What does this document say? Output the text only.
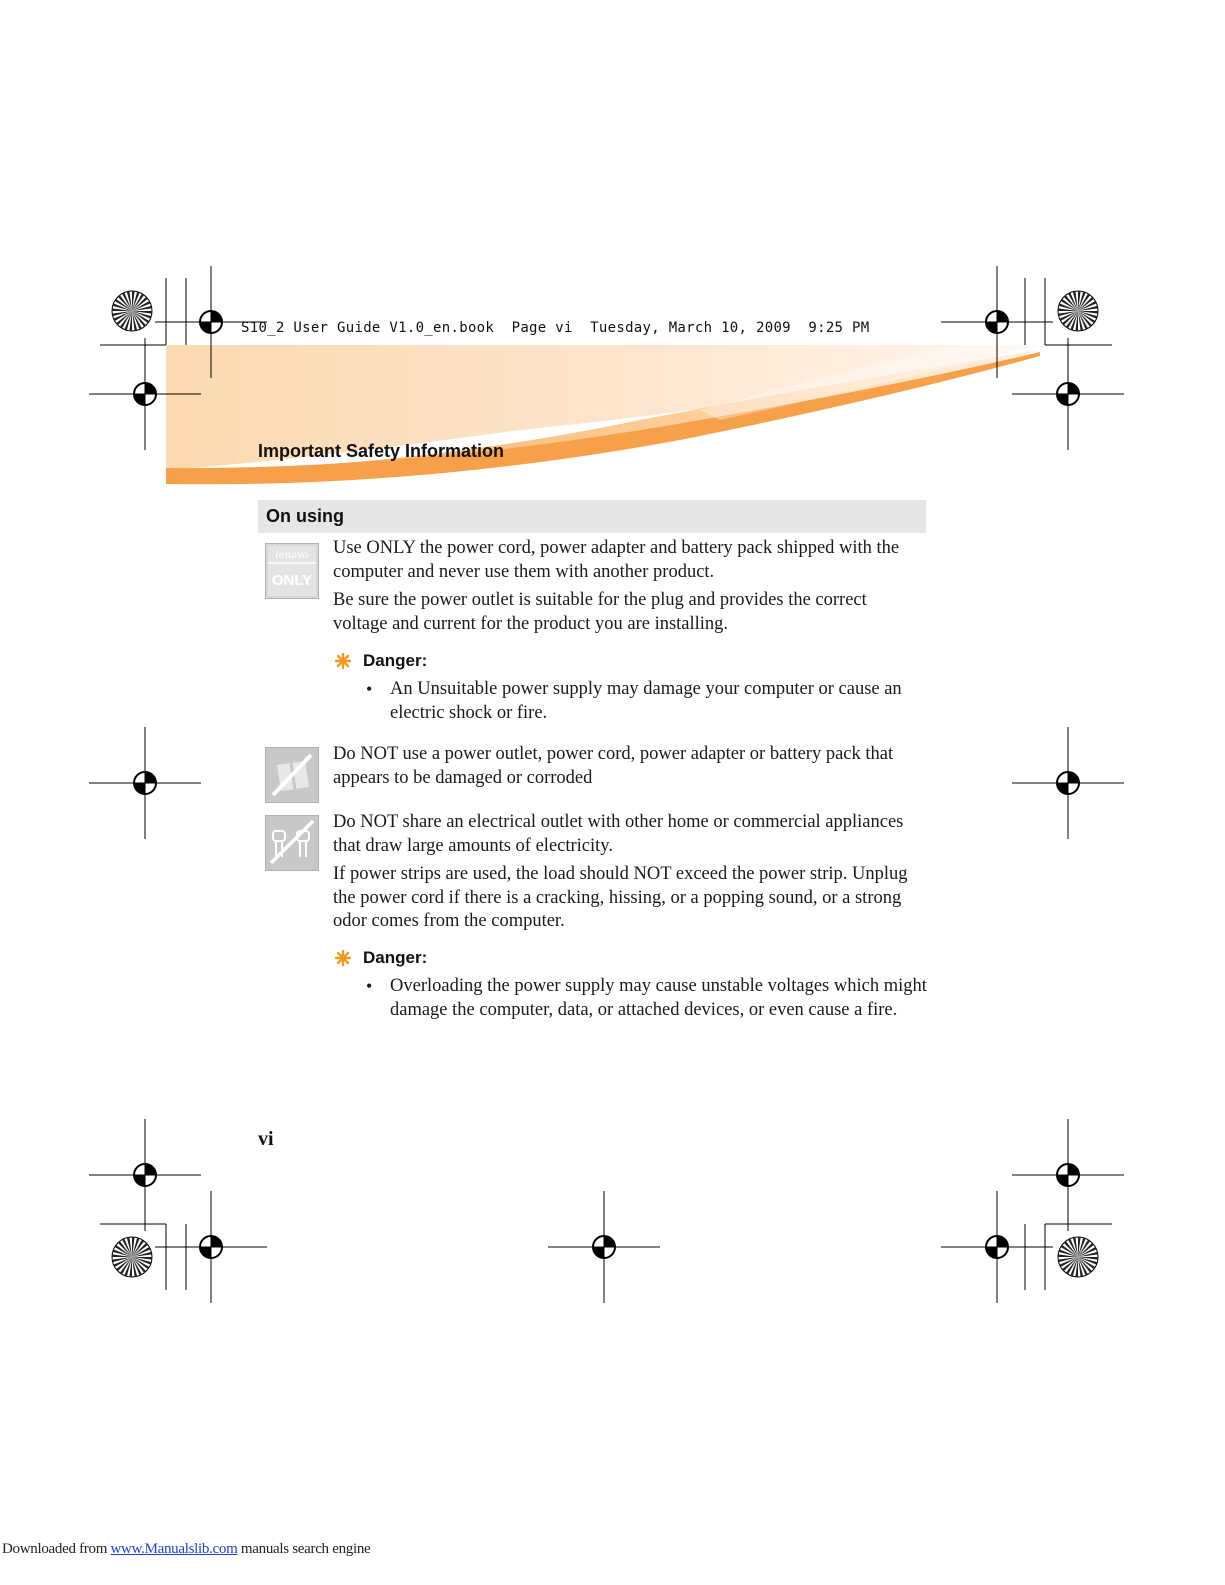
S10_2 User Guide V1.0_en.book  Page vi  Tuesday, March 10, 2009  9:25 PM
Important Safety Information
On using
lenovo
ONLY
Use ONLY the power cord, power adapter and battery pack shipped with the computer and never use them with another product.
Be sure the power outlet is suitable for the plug and provides the correct voltage and current for the product you are installing.
Danger:
• An Unsuitable power supply may damage your computer or cause an electric shock or fire.
Do NOT use a power outlet, power cord, power adapter or battery pack that appears to be damaged or corroded
Do NOT share an electrical outlet with other home or commercial appliances that draw large amounts of electricity.
If power strips are used, the load should NOT exceed the power strip. Unplug the power cord if there is a cracking, hissing, or a popping sound, or a strong odor comes from the computer.
Danger:
• Overloading the power supply may cause unstable voltages which might damage the computer, data, or attached devices, or even cause a fire.
vi
Downloaded from www.Manualslib.com manuals search engine
